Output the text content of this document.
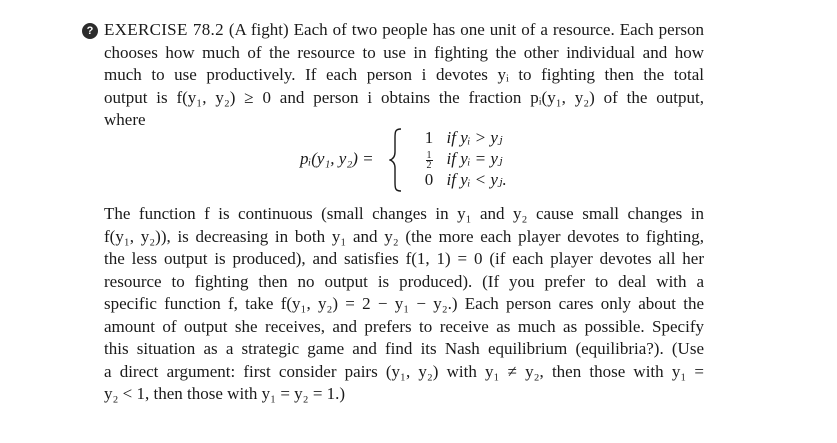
? EXERCISE 78.2 (A fight) Each of two people has one unit of a resource. Each person
chooses how much of the resource to use in fighting the other individual and how
much to use productively. If each person i devotes yᵢ to fighting then the total
output is f(y₁, y₂) ≥ 0 and person i obtains the fraction pᵢ(y₁, y₂) of the output,
where
pᵢ(y₁, y₂) =
1 if yᵢ > yⱼ
$\frac{1}{2}$ if yᵢ = yⱼ
0 if yᵢ < yⱼ.
The function f is continuous (small changes in y₁ and y₂ cause small changes in
f(y₁, y₂)), is decreasing in both y₁ and y₂ (the more each player devotes to fighting,
the less output is produced), and satisfies f(1, 1) = 0 (if each player devotes all her
resource to fighting then no output is produced). (If you prefer to deal with a
specific function f, take f(y₁, y₂) = 2 − y₁ − y₂.) Each person cares only about the
amount of output she receives, and prefers to receive as much as possible. Specify
this situation as a strategic game and find its Nash equilibrium (equilibria?). (Use
a direct argument: first consider pairs (y₁, y₂) with y₁ ≠ y₂, then those with y₁ =
y₂ < 1, then those with y₁ = y₂ = 1.)
